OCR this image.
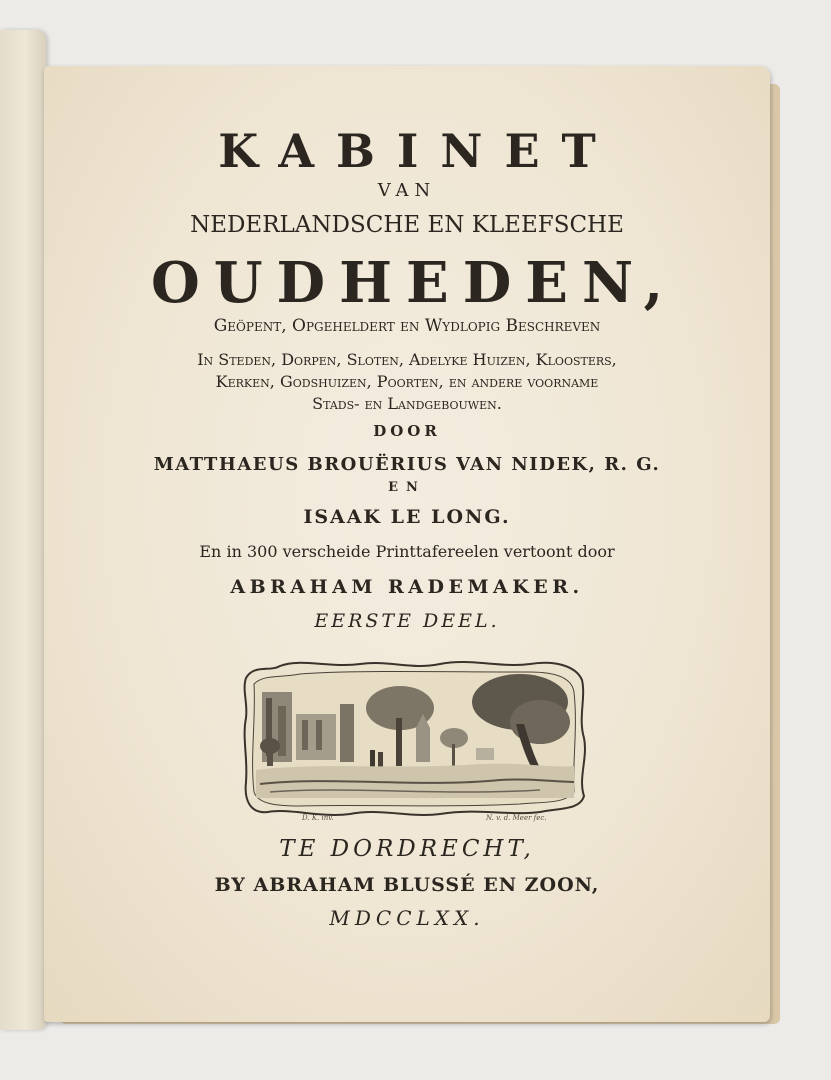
KABINET
VAN
NEDERLANDSCHE EN KLEEFSCHE
OUDHEDEN,
Geöpent, Opgeheldert en Wydlopig Beschreven
In Steden, Dorpen, Sloten, Adelyke Huizen, Kloosters,
Kerken, Godshuizen, Poorten, en andere voorname
Stads- en Landgebouwen.
DOOR
MATTHAEUS BROUËRIUS VAN NIDEK, R. G.
EN
ISAAK LE LONG.
En in 300 verscheide Printtafereelen vertoont door
ABRAHAM RADEMAKER.
EERSTE DEEL.
D. K. inv.	N. v. d. Meer fec.
TE DORDRECHT,
BY ABRAHAM BLUSSÉ EN ZOON,
MDCCLXX.
